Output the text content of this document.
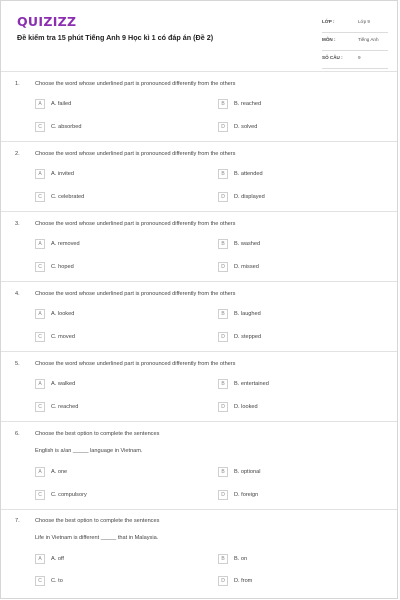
QUIZIZZ
Đề kiểm tra 15 phút Tiếng Anh 9 Học kì 1 có đáp án (Đề 2)
LỚP :	Lớp 9
MÔN :	Tiếng Anh
SỐ CÂU :	9
1.	Choose the word whose underlined part is pronounced differently from the others
A	A. failed	B	B. reached
C	C. absorbed	D	D. solved
2.	Choose the word whose underlined part is pronounced differently from the others
A	A. invited	B	B. attended
C	C. celebrated	D	D. displayed
3.	Choose the word whose underlined part is pronounced differently from the others
A	A. removed	B	B. washed
C	C. hoped	D	D. missed
4.	Choose the word whose underlined part is pronounced differently from the others
A	A. looked	B	B. laughed
C	C. moved	D	D. stepped
5.	Choose the word whose underlined part is pronounced differently from the others
A	A. walked	B	B. entertained
C	C. reached	D	D. looked
6.	Choose the best option to complete the sentences
English is a/an _____ language in Vietnam.
A	A. one	B	B. optional
C	C. compulsory	D	D. foreign
7.	Choose the best option to complete the sentences
Life in Vietnam is different _____ that in Malaysia.
A	A. off	B	B. on
C	C. to	D	D. from
